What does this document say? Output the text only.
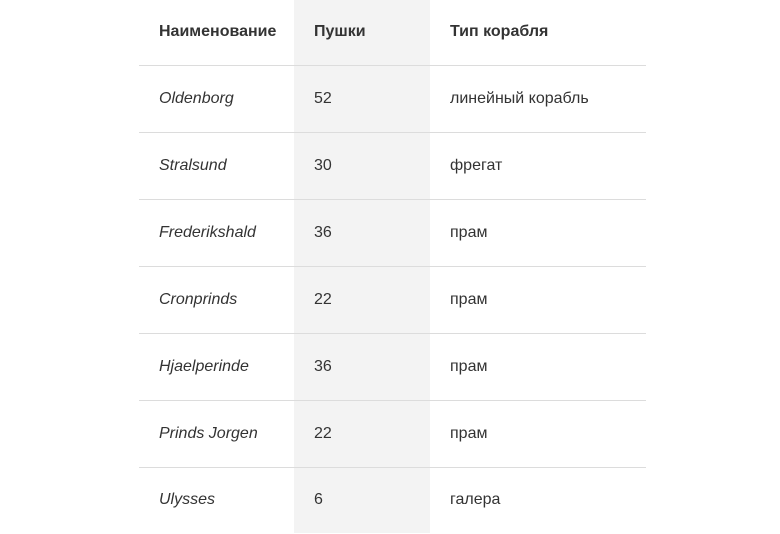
Наименование	Пушки	Тип корабля
Oldenborg	52	линейный корабль
Stralsund	30	фрегат
Frederikshald	36	прам
Cronprinds	22	прам
Hjaelperinde	36	прам
Prinds Jorgen	22	прам
Ulysses	6	галера
